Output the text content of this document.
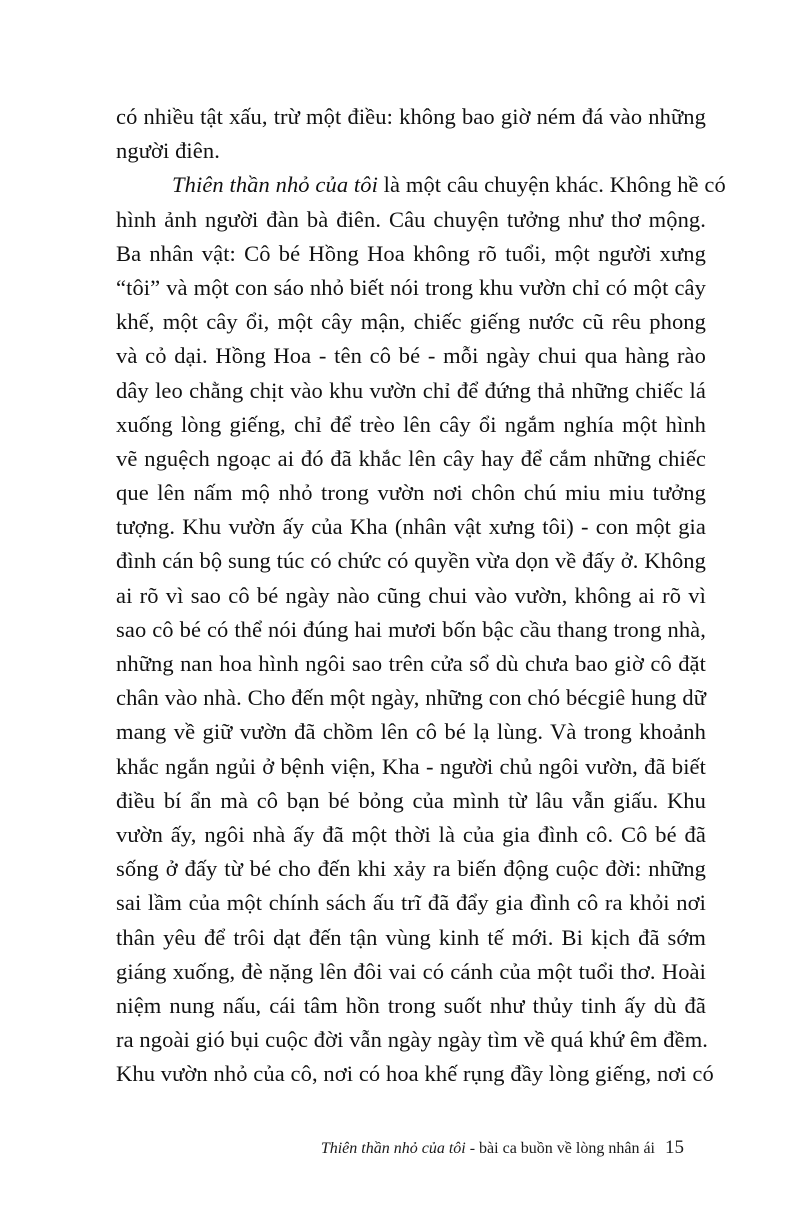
có nhiều tật xấu, trừ một điều: không bao giờ ném đá vào những
người điên.
Thiên thần nhỏ của tôi là một câu chuyện khác. Không hề có
hình ảnh người đàn bà điên. Câu chuyện tưởng như thơ mộng.
Ba nhân vật: Cô bé Hồng Hoa không rõ tuổi, một người xưng
“tôi” và một con sáo nhỏ biết nói trong khu vườn chỉ có một cây
khế, một cây ổi, một cây mận, chiếc giếng nước cũ rêu phong
và cỏ dại. Hồng Hoa - tên cô bé - mỗi ngày chui qua hàng rào
dây leo chằng chịt vào khu vườn chỉ để đứng thả những chiếc lá
xuống lòng giếng, chỉ để trèo lên cây ổi ngắm nghía một hình
vẽ nguệch ngoạc ai đó đã khắc lên cây hay để cắm những chiếc
que lên nấm mộ nhỏ trong vườn nơi chôn chú miu miu tưởng
tượng. Khu vườn ấy của Kha (nhân vật xưng tôi) - con một gia
đình cán bộ sung túc có chức có quyền vừa dọn về đấy ở. Không
ai rõ vì sao cô bé ngày nào cũng chui vào vườn, không ai rõ vì
sao cô bé có thể nói đúng hai mươi bốn bậc cầu thang trong nhà,
những nan hoa hình ngôi sao trên cửa sổ dù chưa bao giờ cô đặt
chân vào nhà. Cho đến một ngày, những con chó bécgiê hung dữ
mang về giữ vườn đã chồm lên cô bé lạ lùng. Và trong khoảnh
khắc ngắn ngủi ở bệnh viện, Kha - người chủ ngôi vườn, đã biết
điều bí ẩn mà cô bạn bé bỏng của mình từ lâu vẫn giấu. Khu
vườn ấy, ngôi nhà ấy đã một thời là của gia đình cô. Cô bé đã
sống ở đấy từ bé cho đến khi xảy ra biến động cuộc đời: những
sai lầm của một chính sách ấu trĩ đã đẩy gia đình cô ra khỏi nơi
thân yêu để trôi dạt đến tận vùng kinh tế mới. Bi kịch đã sớm
giáng xuống, đè nặng lên đôi vai có cánh của một tuổi thơ. Hoài
niệm nung nấu, cái tâm hồn trong suốt như thủy tinh ấy dù đã
ra ngoài gió bụi cuộc đời vẫn ngày ngày tìm về quá khứ êm đềm.
Khu vườn nhỏ của cô, nơi có hoa khế rụng đầy lòng giếng, nơi có
Thiên thần nhỏ của tôi - bài ca buồn về lòng nhân ái 15
